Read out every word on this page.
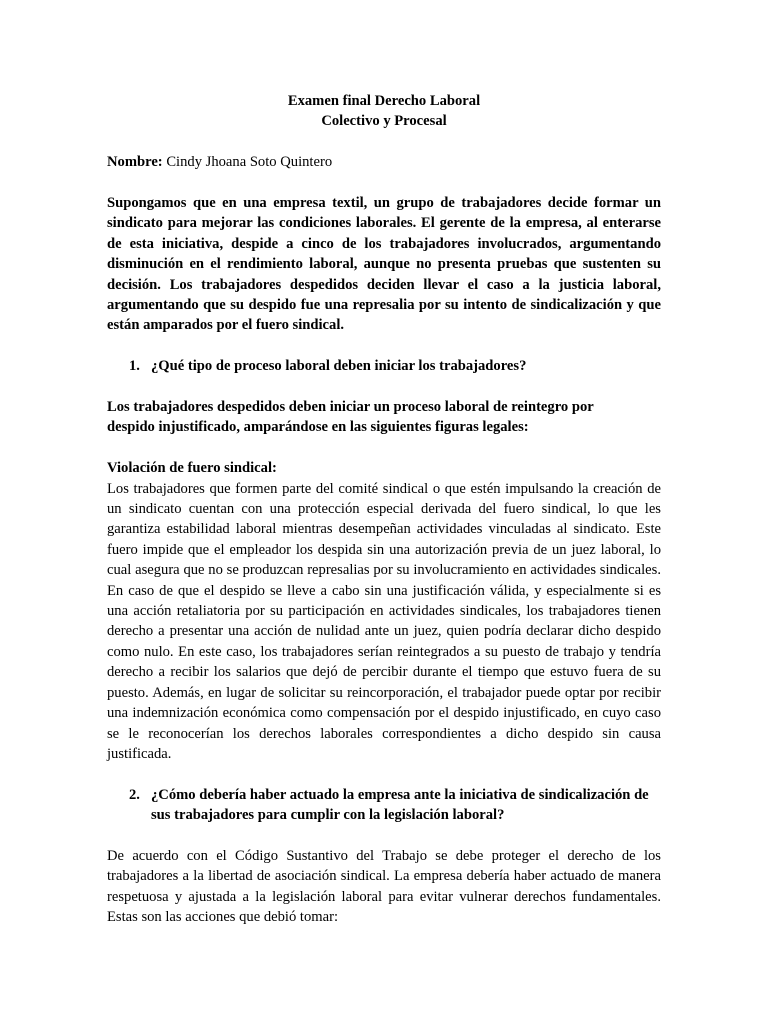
Examen final Derecho Laboral

Colectivo y Procesal

Nombre: Cindy Jhoana Soto Quintero

Supongamos que en una empresa textil, un grupo de trabajadores decide formar un sindicato para mejorar las condiciones laborales. El gerente de la empresa, al enterarse de esta iniciativa, despide a cinco de los trabajadores involucrados, argumentando disminución en el rendimiento laboral, aunque no presenta pruebas que sustenten su decisión. Los trabajadores despedidos deciden llevar el caso a la justicia laboral, argumentando que su despido fue una represalia por su intento de sindicalización y que están amparados por el fuero sindical.

1. ¿Qué tipo de proceso laboral deben iniciar los trabajadores?

Los trabajadores despedidos deben iniciar un proceso laboral de reintegro por despido injustificado, amparándose en las siguientes figuras legales:

Violación de fuero sindical:

Los trabajadores que formen parte del comité sindical o que estén impulsando la creación de un sindicato cuentan con una protección especial derivada del fuero sindical, lo que les garantiza estabilidad laboral mientras desempeñan actividades vinculadas al sindicato. Este fuero impide que el empleador los despida sin una autorización previa de un juez laboral, lo cual asegura que no se produzcan represalias por su involucramiento en actividades sindicales. En caso de que el despido se lleve a cabo sin una justificación válida, y especialmente si es una acción retaliatoria por su participación en actividades sindicales, los trabajadores tienen derecho a presentar una acción de nulidad ante un juez, quien podría declarar dicho despido como nulo. En este caso, los trabajadores serían reintegrados a su puesto de trabajo y tendría derecho a recibir los salarios que dejó de percibir durante el tiempo que estuvo fuera de su puesto. Además, en lugar de solicitar su reincorporación, el trabajador puede optar por recibir una indemnización económica como compensación por el despido injustificado, en cuyo caso se le reconocerían los derechos laborales correspondientes a dicho despido sin causa justificada.

2. ¿Cómo debería haber actuado la empresa ante la iniciativa de sindicalización de sus trabajadores para cumplir con la legislación laboral?

De acuerdo con el Código Sustantivo del Trabajo se debe proteger el derecho de los trabajadores a la libertad de asociación sindical. La empresa debería haber actuado de manera respetuosa y ajustada a la legislación laboral para evitar vulnerar derechos fundamentales. Estas son las acciones que debió tomar:
